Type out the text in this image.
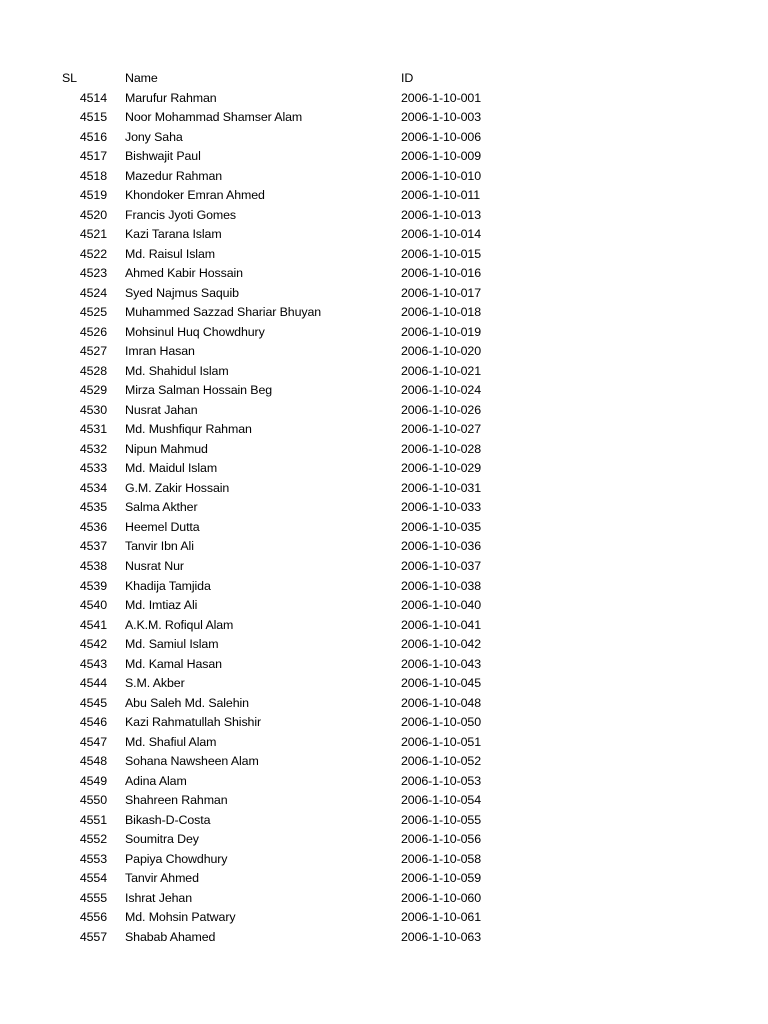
SL	Name	ID
4514 Marufur Rahman	2006-1-10-001
4515 Noor Mohammad Shamser Alam	2006-1-10-003
4516 Jony Saha	2006-1-10-006
4517 Bishwajit Paul	2006-1-10-009
4518 Mazedur Rahman	2006-1-10-010
4519 Khondoker Emran Ahmed	2006-1-10-011
4520 Francis Jyoti Gomes	2006-1-10-013
4521 Kazi Tarana Islam	2006-1-10-014
4522 Md. Raisul Islam	2006-1-10-015
4523 Ahmed Kabir Hossain	2006-1-10-016
4524 Syed Najmus Saquib	2006-1-10-017
4525 Muhammed Sazzad Shariar Bhuyan	2006-1-10-018
4526 Mohsinul Huq Chowdhury	2006-1-10-019
4527 Imran Hasan	2006-1-10-020
4528 Md. Shahidul Islam	2006-1-10-021
4529 Mirza Salman Hossain Beg	2006-1-10-024
4530 Nusrat Jahan	2006-1-10-026
4531 Md. Mushfiqur Rahman	2006-1-10-027
4532 Nipun Mahmud	2006-1-10-028
4533 Md. Maidul Islam	2006-1-10-029
4534 G.M. Zakir Hossain	2006-1-10-031
4535 Salma Akther	2006-1-10-033
4536 Heemel Dutta	2006-1-10-035
4537 Tanvir Ibn Ali	2006-1-10-036
4538 Nusrat Nur	2006-1-10-037
4539 Khadija Tamjida	2006-1-10-038
4540 Md. Imtiaz Ali	2006-1-10-040
4541 A.K.M. Rofiqul Alam	2006-1-10-041
4542 Md. Samiul Islam	2006-1-10-042
4543 Md. Kamal Hasan	2006-1-10-043
4544 S.M. Akber	2006-1-10-045
4545 Abu Saleh Md. Salehin	2006-1-10-048
4546 Kazi Rahmatullah Shishir	2006-1-10-050
4547 Md. Shafiul Alam	2006-1-10-051
4548 Sohana Nawsheen Alam	2006-1-10-052
4549 Adina Alam	2006-1-10-053
4550 Shahreen Rahman	2006-1-10-054
4551 Bikash-D-Costa	2006-1-10-055
4552 Soumitra Dey	2006-1-10-056
4553 Papiya Chowdhury	2006-1-10-058
4554 Tanvir Ahmed	2006-1-10-059
4555 Ishrat Jehan	2006-1-10-060
4556 Md. Mohsin Patwary	2006-1-10-061
4557 Shabab Ahamed	2006-1-10-063
